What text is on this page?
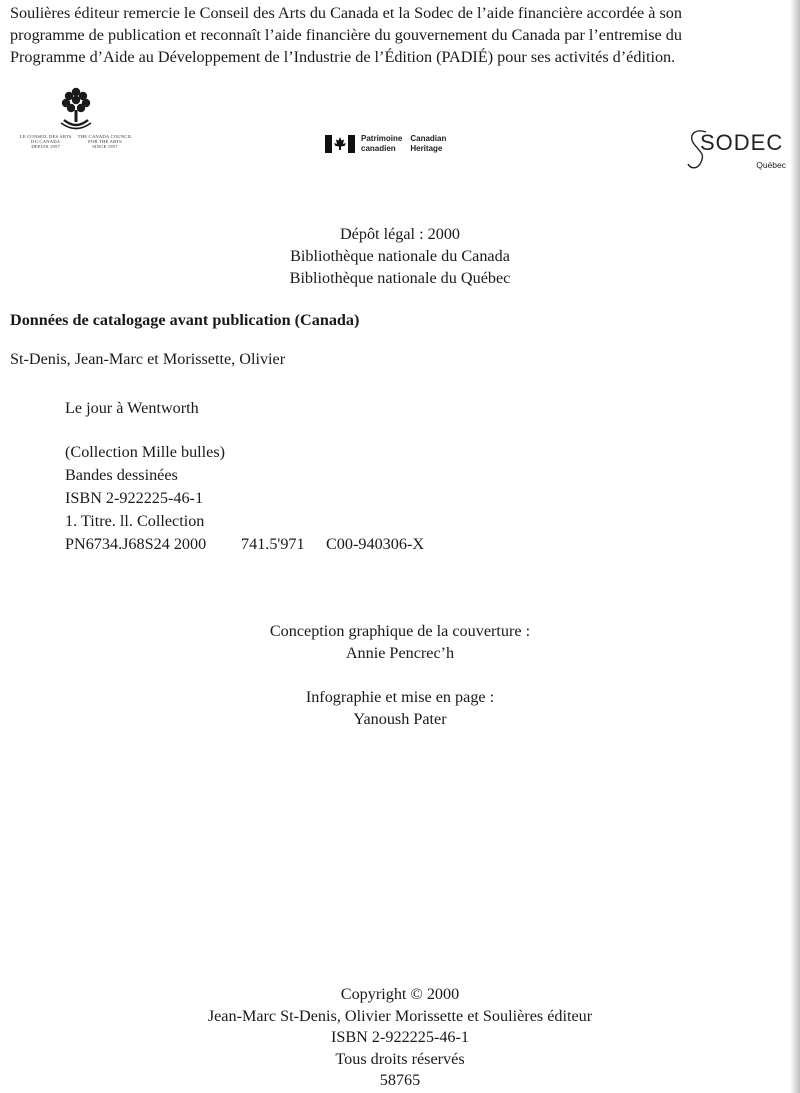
Soulières éditeur remercie le Conseil des Arts du Canada et la Sodec de l’aide financière accordée à son
programme de publication et reconnaît l’aide financière du gouvernement du Canada par l’entremise du
Programme d’Aide au Développement de l’Industrie de l’Édition (PADIÉ) pour ses activités d’édition.
LE CONSEIL DES ARTS
DU CANADA
DEPUIS 1957
THE CANADA COUNCIL
FOR THE ARTS
SINCE 1957
Patrimoine Canadian
canadien	Heritage	SODEC
Québec
Dépôt légal : 2000
Bibliothèque nationale du Canada
Bibliothèque nationale du Québec
Données de catalogage avant publication (Canada)
St-Denis, Jean-Marc et Morissette, Olivier
Le jour à Wentworth
(Collection Mille bulles)
Bandes dessinées
ISBN 2-922225-46-1
1. Titre. ll. Collection
PN6734.J68S24 2000 741.5'971 C00-940306-X
Conception graphique de la couverture :
Annie Pencrec’h
Infographie et mise en page :
Yanoush Pater
Copyright © 2000
Jean-Marc St-Denis, Olivier Morissette et Soulières éditeur
ISBN 2-922225-46-1
Tous droits réservés
58765
